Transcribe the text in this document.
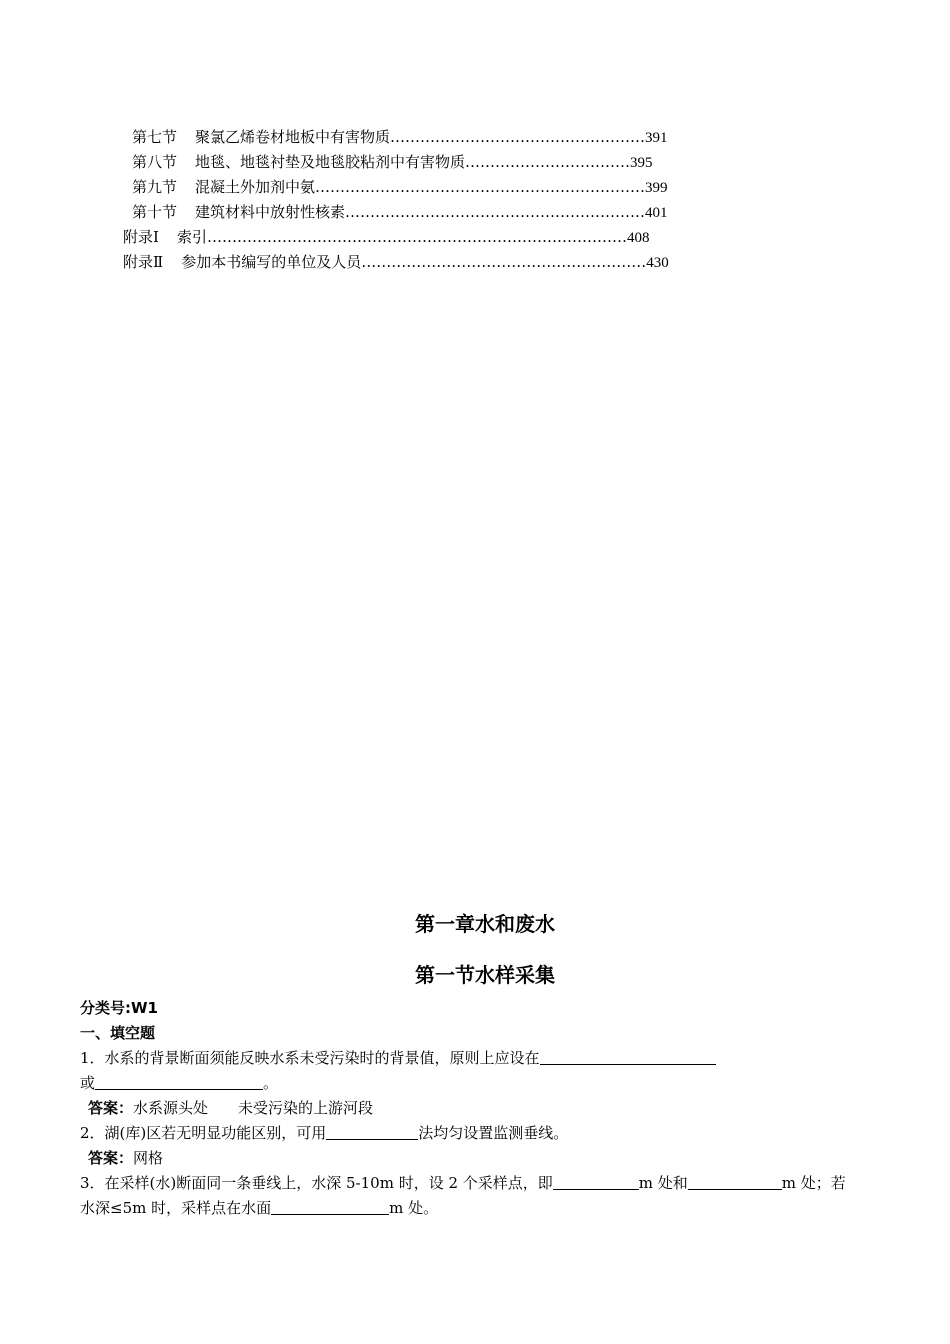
第七节 聚氯乙烯卷材地板中有害物质……………………………………………391
第八节 地毯、地毯衬垫及地毯胶粘剂中有害物质……………………………395
第九节 混凝土外加剂中氨…………………………………………………………399
第十节 建筑材料中放射性核素……………………………………………………401
附录Ⅰ 索引…………………………………………………………………………408
附录Ⅱ 参加本书编写的单位及人员…………………………………………………430
第一章水和废水
第一节水样采集
分类号:W1
一、填空题
1．水系的背景断面须能反映水系未受污染时的背景值，原则上应设在
或	。
答案：水系源头处　　未受污染的上游河段
2．湖(库)区若无明显功能区别，可用	法均匀设置监测垂线。
答案：网格
3．在采样(水)断面同一条垂线上，水深 5-10m 时，设 2 个采样点，即	m 处和	m 处；若
水深≤5m 时，采样点在水面	m 处。
